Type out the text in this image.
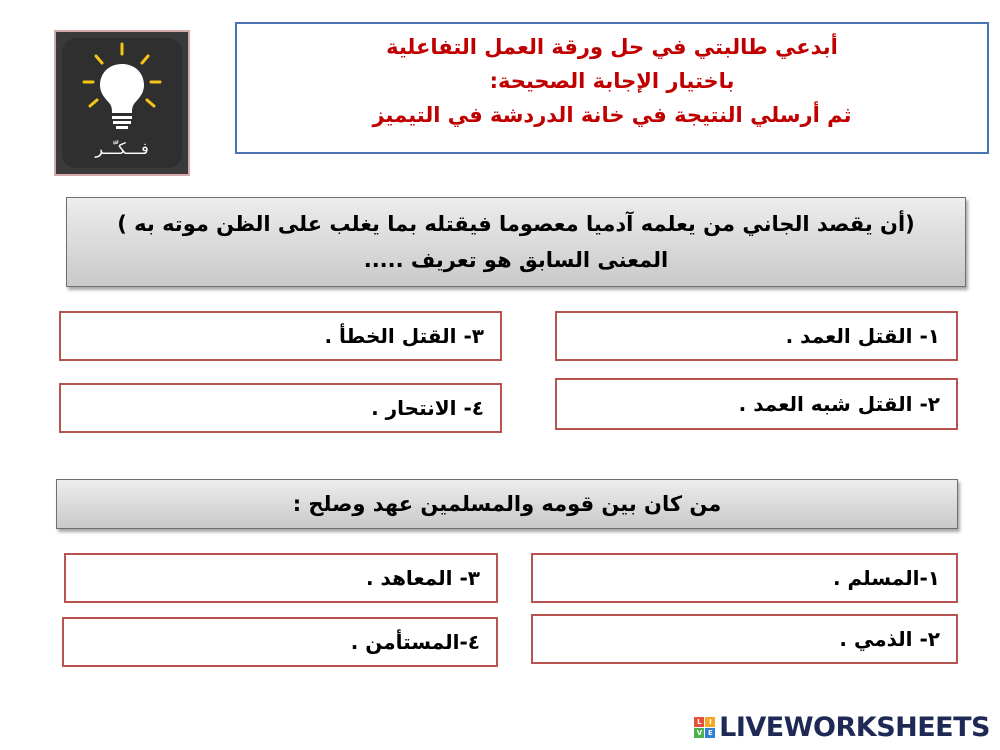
فـــكـّــر
أبدعي طالبتي في حل ورقة العمل التفاعلية
باختيار الإجابة الصحيحة:
ثم أرسلي النتيجة في خانة الدردشة في التيميز
(أن يقصد الجاني من يعلمه آدميا معصوما فيقتله بما يغلب على الظن موته به )
المعنى السابق هو تعريف .....
١- القتل العمد .
٢- القتل شبه العمد .
٣- القتل الخطأ .
٤- الانتحار .
من كان بين قومه والمسلمين عهد وصلح :
١-المسلم .
٢- الذمي .
٣- المعاهد .
٤-المستأمن .
L	I
V E LIVEWORKSHEETS
